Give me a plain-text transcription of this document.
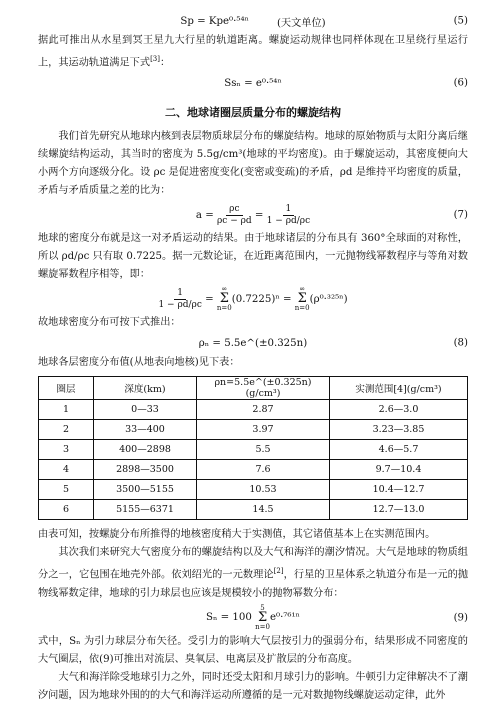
Sp = Kpe⁰·⁵⁴ⁿ	(天文单位)	(5)

据此可推出从水星到冥王星九大行星的轨道距离。螺旋运动规律也同样体现在卫星绕行星运行上，其运动轨道满足下式[3]：

Ssₙ = e⁰·⁵⁴ⁿ	(6)
二、地球诸圈层质量分布的螺旋结构

我们首先研究从地球内核到表层物质球层分布的螺旋结构。地球的原始物质与太阳分离后继续螺旋结构运动，其当时的密度为 5.5g/cm³(地球的平均密度)。由于螺旋运动，其密度便向大小两个方向逐级分化。设 ρc 是促进密度变化(变密或变疏)的矛盾，ρd 是维持平均密度的质量，矛盾与矛盾质量之差的比为：

a =
$\frac{\rho c}{\rho c - \rho d}$
=
$\frac{1}{1 - \rho d/\rho c}$	(7)

地球的密度分布就是这一对矛盾运动的结果。由于地球诸层的分布具有 360°全球面的对称性，所以 ρd/ρc 只有取 0.7225。据一元数论证，在近距离范围内，一元抛物线幂数程序与等角对数螺旋幂数程序相等，即：

$\frac{1}{1 - \rho d/\rho c}$
=

∞
Σ
n=0
(0.7225)ⁿ
=

∞
Σ
n=0
(ρ⁰·³²⁵ⁿ)

故地球密度分布可按下式推出：

ρₙ = 5.5e^(±0.325n)	(8)

地球各层密度分布值(从地表向地核)见下表：

圈层	深度(km)	ρn=5.5e^(±0.325n)(g/cm³)	实测范围[4](g/cm³)
1	0—33	2.87	2.6—3.0
2	33—400	3.97	3.23—3.85
3	400—2898	5.5	4.6—5.7
4	2898—3500	7.6	9.7—10.4
5	3500—5155	10.53	10.4—12.7
6	5155—6371	14.5	12.7—13.0

由表可知，按螺旋分布所推得的地核密度稍大于实测值，其它诸值基本上在实测范围内。

其次我们来研究大气密度分布的螺旋结构以及大气和海洋的潮汐情况。大气是地球的物质组分之一，它包围在地壳外部。依刘绍光的一元数理论[2]，行星的卫星体系之轨道分布是一元的抛物线幂数定律，地球的引力球层也应该是规模较小的抛物幂数分布：

Sₙ = 100

5
Σ
n=0
e⁰·⁷⁶¹ⁿ	(9)

式中，Sₙ 为引力球层分布矢径。受引力的影响大气层按引力的强弱分布，结果形成不同密度的大气圈层，依(9)可推出对流层、臭氧层、电离层及扩散层的分布高度。

大气和海洋除受地球引力之外，同时还受太阳和月球引力的影响。牛顿引力定律解决不了潮汐问题，因为地球外围的的大气和海洋运动所遵循的是一元对数抛物线螺旋运动定律，此外
